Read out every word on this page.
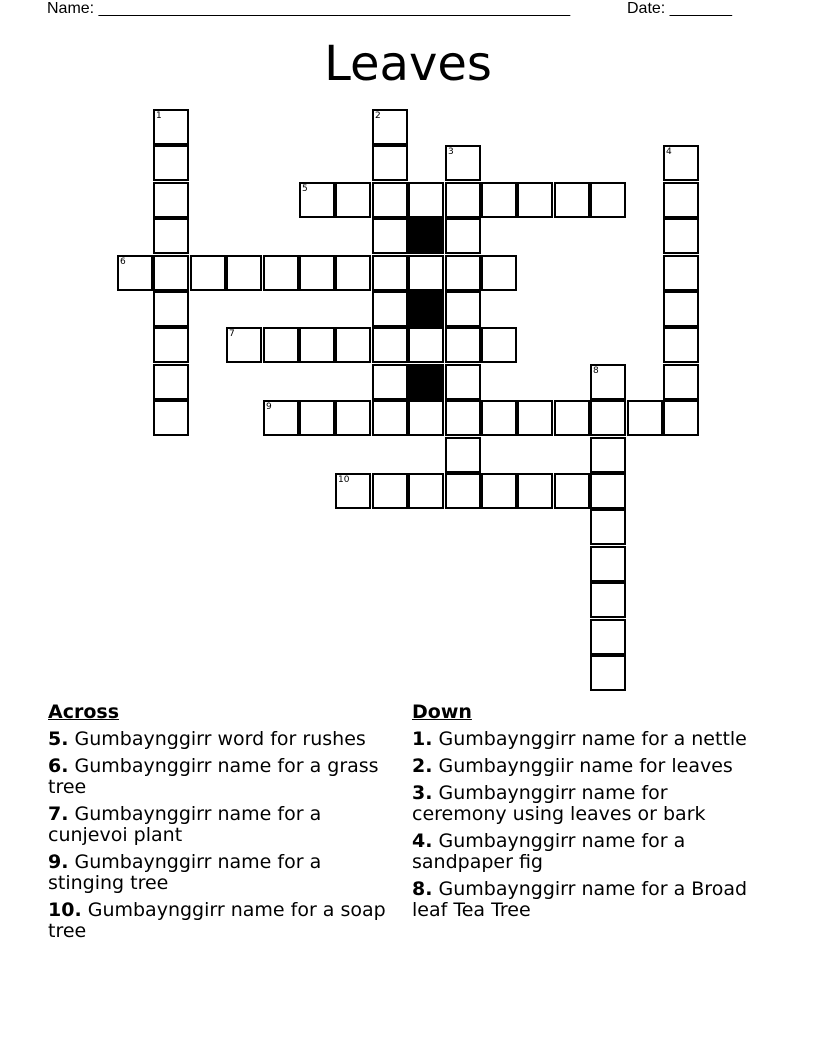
Name: _____________________________________________________	Date: _______
Leaves
1	2
3	4
8
5
6
7
9
10
Across
5. Gumbaynggirr word for rushes
6. Gumbaynggirr name for a grass tree
7. Gumbaynggirr name for a cunjevoi plant
9. Gumbaynggirr name for a stinging tree
10. Gumbaynggirr name for a soap tree
Down
1. Gumbaynggirr name for a nettle
2. Gumbaynggiir name for leaves
3. Gumbaynggirr name for ceremony using leaves or bark
4. Gumbaynggirr name for a sandpaper fig
8. Gumbaynggirr name for a Broad leaf Tea Tree
